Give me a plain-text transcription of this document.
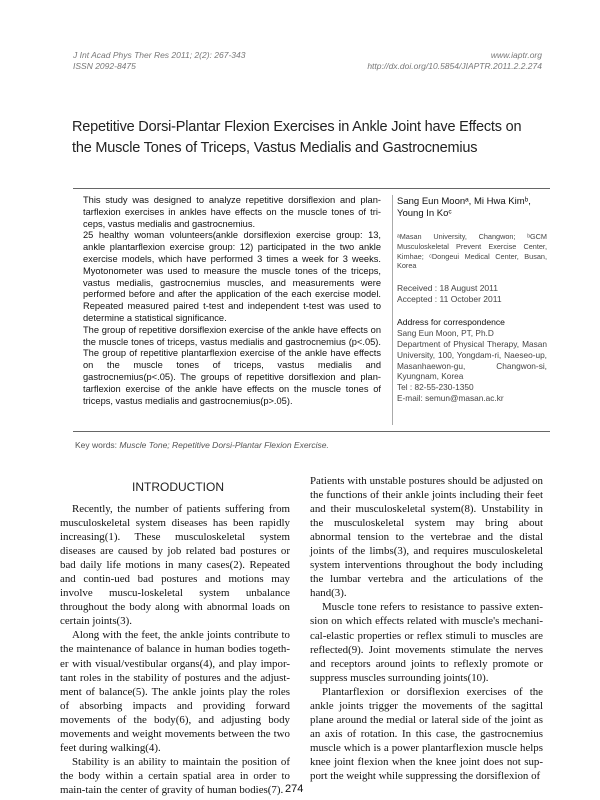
J Int Acad Phys Ther Res 2011; 2(2): 267-343
ISSN 2092-8475
www.iaptr.org
http://dx.doi.org/10.5854/JIAPTR.2011.2.2.274
Repetitive Dorsi-Plantar Flexion Exercises in Ankle Joint have Effects on the Muscle Tones of Triceps, Vastus Medialis and Gastrocnemius

This study was designed to analyze repetitive dorsiflexion and plan-tarflexion exercises in ankles have effects on the muscle tones of tri-ceps, vastus medialis and gastrocnemius.

25 healthy woman volunteers(ankle dorsiflexion exercise group: 13, ankle plantarflexion exercise group: 12) participated in the two ankle exercise models, which have performed 3 times a week for 3 weeks. Myotonometer was used to measure the muscle tones of the triceps, vastus medialis, gastrocnemius muscles, and measurements were performed before and after the application of the each exercise model. Repeated measured paired t-test and independent t-test was used to determine a statistical significance.

The group of repetitive dorsiflexion exercise of the ankle have effects on the muscle tones of triceps, vastus medialis and gastrocnemius (p<.05). The group of repetitive plantarflexion exercise of the ankle have effects on the muscle tones of triceps, vastus medialis and gastrocnemius(p<.05). The groups of repetitive dorsiflexion and plan-tarflexion exercise of the ankle have effects on the muscle tones of triceps, vastus medialis and gastrocnemius(p>.05).

Sang Eun Moonᵃ, Mi Hwa Kimᵇ, Young In Koᶜ

ᵃMasan University, Changwon; ᵇGCM Musculoskeletal Prevent Exercise Center, Kimhae; ᶜDongeui Medical Center, Busan, Korea

Received : 18 August 2011
Accepted : 11 October 2011

Address for correspondence

Sang Eun Moon, PT, Ph.D

Department of Physical Therapy, Masan University, 100, Yongdam-ri, Naeseo-up, Masanhaewon-gu, Changwon-si, Kyungnam, Korea

Tel : 82-55-230-1350

E-mail: semun@masan.ac.kr

Key words: Muscle Tone; Repetitive Dorsi-Plantar Flexion Exercise.
INTRODUCTION

Recently, the number of patients suffering from musculoskeletal system diseases has been rapidly increasing(1). These musculoskeletal system diseases are caused by job related bad postures or bad daily life motions in many cases(2). Repeated and contin-ued bad postures and motions may involve muscu-loskeletal system unbalance throughout the body along with abnormal loads on certain joints(3).

Along with the feet, the ankle joints contribute to the maintenance of balance in human bodies togeth-er with visual/vestibular organs(4), and play impor-tant roles in the stability of postures and the adjust-ment of balance(5). The ankle joints play the roles of absorbing impacts and providing forward movements of the body(6), and adjusting body movements and weight movements between the two feet during walking(4).

Stability is an ability to maintain the position of the body within a certain spatial area in order to main-tain the center of gravity of human bodies(7).

Patients with unstable postures should be adjusted on the functions of their ankle joints including their feet and their musculoskeletal system(8). Unstability in the musculoskeletal system may bring about abnormal tension to the vertebrae and the distal joints of the limbs(3), and requires musculoskeletal system interventions throughout the body including the lumbar vertebra and the articulations of the hand(3).

Muscle tone refers to resistance to passive exten-sion on which effects related with muscle's mechani-cal-elastic properties or reflex stimuli to muscles are reflected(9). Joint movements stimulate the nerves and receptors around joints to reflexly promote or suppress muscles surrounding joints(10).

Plantarflexion or dorsiflexion exercises of the ankle joints trigger the movements of the sagittal plane around the medial or lateral side of the joint as an axis of rotation. In this case, the gastrocnemius muscle which is a power plantarflexion muscle helps knee joint flexion when the knee joint does not sup-port the weight while suppressing the dorsiflexion of

274
